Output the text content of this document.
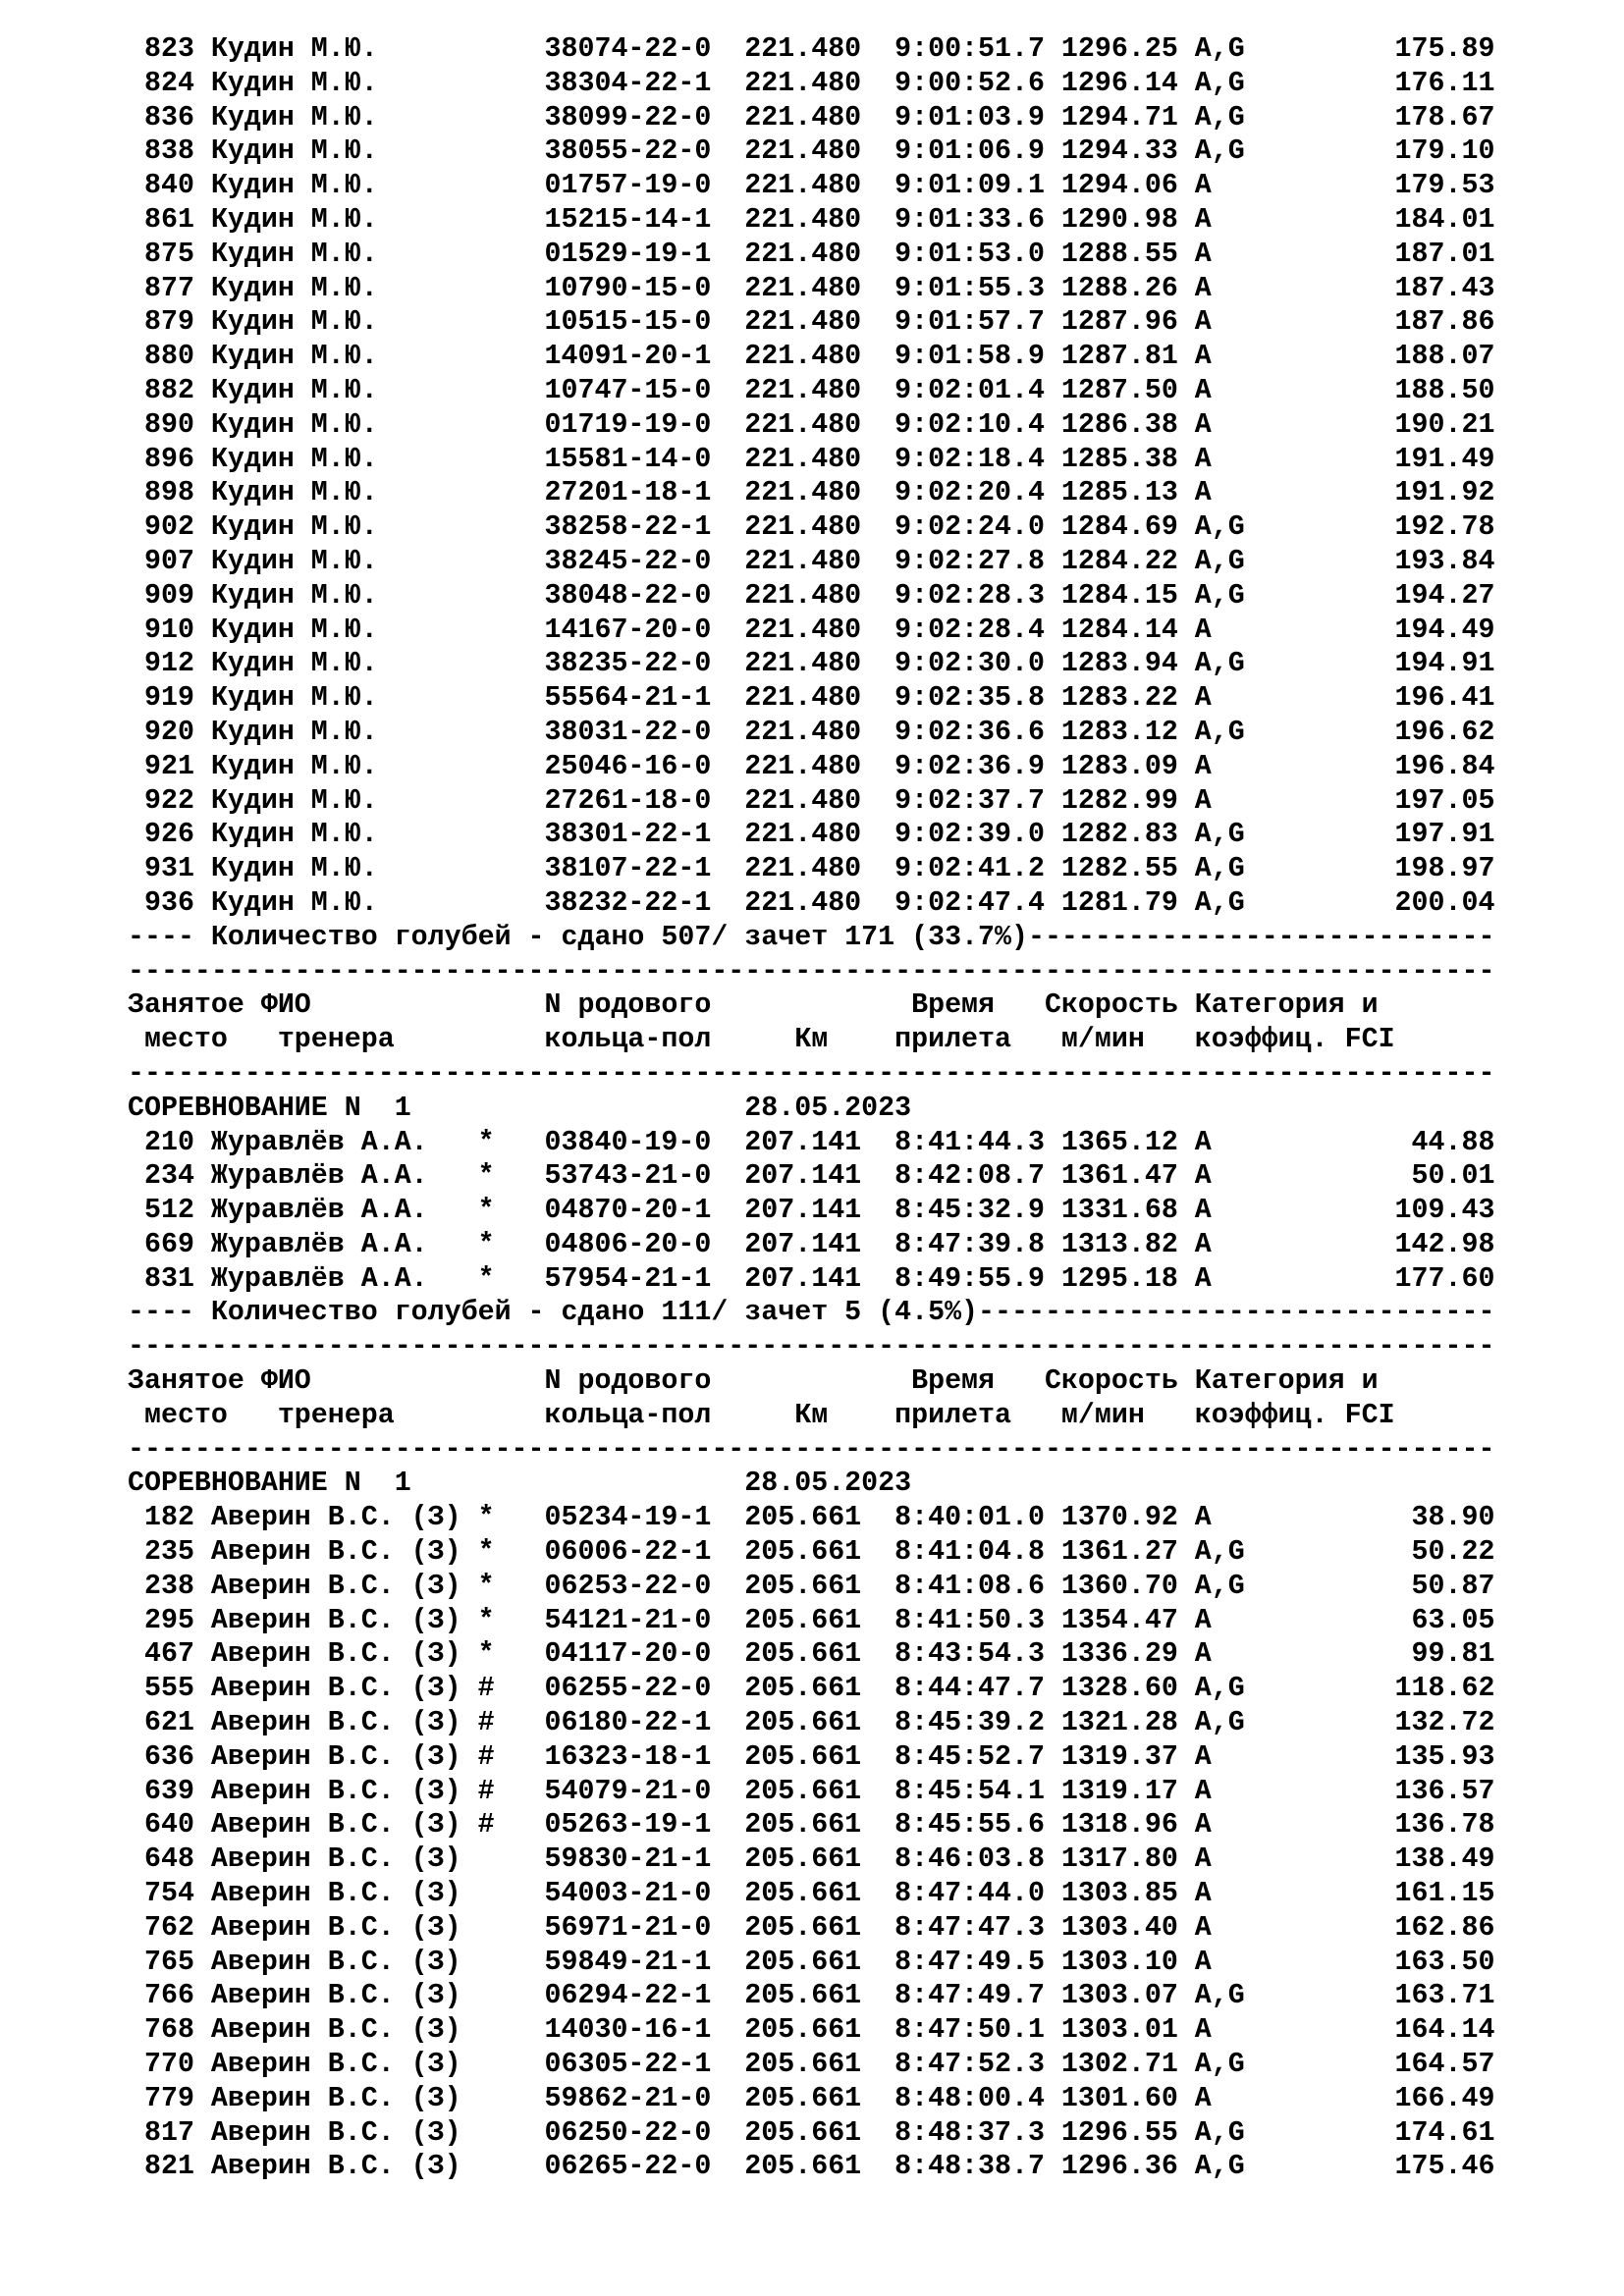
823 Кудин М.Ю.          38074-22-0  221.480  9:00:51.7 1296.25 A,G         175.89
824 Кудин М.Ю.          38304-22-1  221.480  9:00:52.6 1296.14 A,G         176.11
836 Кудин М.Ю.          38099-22-0  221.480  9:01:03.9 1294.71 A,G         178.67
838 Кудин М.Ю.          38055-22-0  221.480  9:01:06.9 1294.33 A,G         179.10
840 Кудин М.Ю.          01757-19-0  221.480  9:01:09.1 1294.06 A           179.53
861 Кудин М.Ю.          15215-14-1  221.480  9:01:33.6 1290.98 A           184.01
875 Кудин М.Ю.          01529-19-1  221.480  9:01:53.0 1288.55 A           187.01
877 Кудин М.Ю.          10790-15-0  221.480  9:01:55.3 1288.26 A           187.43
879 Кудин М.Ю.          10515-15-0  221.480  9:01:57.7 1287.96 A           187.86
880 Кудин М.Ю.          14091-20-1  221.480  9:01:58.9 1287.81 A           188.07
882 Кудин М.Ю.          10747-15-0  221.480  9:02:01.4 1287.50 A           188.50
890 Кудин М.Ю.          01719-19-0  221.480  9:02:10.4 1286.38 A           190.21
896 Кудин М.Ю.          15581-14-0  221.480  9:02:18.4 1285.38 A           191.49
898 Кудин М.Ю.          27201-18-1  221.480  9:02:20.4 1285.13 A           191.92
902 Кудин М.Ю.          38258-22-1  221.480  9:02:24.0 1284.69 A,G         192.78
907 Кудин М.Ю.          38245-22-0  221.480  9:02:27.8 1284.22 A,G         193.84
909 Кудин М.Ю.          38048-22-0  221.480  9:02:28.3 1284.15 A,G         194.27
910 Кудин М.Ю.          14167-20-0  221.480  9:02:28.4 1284.14 A           194.49
912 Кудин М.Ю.          38235-22-0  221.480  9:02:30.0 1283.94 A,G         194.91
919 Кудин М.Ю.          55564-21-1  221.480  9:02:35.8 1283.22 A           196.41
920 Кудин М.Ю.          38031-22-0  221.480  9:02:36.6 1283.12 A,G         196.62
921 Кудин М.Ю.          25046-16-0  221.480  9:02:36.9 1283.09 A           196.84
922 Кудин М.Ю.          27261-18-0  221.480  9:02:37.7 1282.99 A           197.05
926 Кудин М.Ю.          38301-22-1  221.480  9:02:39.0 1282.83 A,G         197.91
931 Кудин М.Ю.          38107-22-1  221.480  9:02:41.2 1282.55 A,G         198.97
936 Кудин М.Ю.          38232-22-1  221.480  9:02:47.4 1281.79 A,G         200.04
---- Количество голубей - сдано 507/ зачет 171 (33.7%)----------------------------
----------------------------------------------------------------------------------
Занятое ФИО              N родового            Время   Скорость Категория и
место   тренера         кольца-пол     Км    прилета   м/мин   коэффиц. FCI
----------------------------------------------------------------------------------
СОРЕВНОВАНИЕ N  1                    28.05.2023
210 Журавлёв А.А.   *   03840-19-0  207.141  8:41:44.3 1365.12 A            44.88
234 Журавлёв А.А.   *   53743-21-0  207.141  8:42:08.7 1361.47 A            50.01
512 Журавлёв А.А.   *   04870-20-1  207.141  8:45:32.9 1331.68 A           109.43
669 Журавлёв А.А.   *   04806-20-0  207.141  8:47:39.8 1313.82 A           142.98
831 Журавлёв А.А.   *   57954-21-1  207.141  8:49:55.9 1295.18 A           177.60
---- Количество голубей - сдано 111/ зачет 5 (4.5%)-------------------------------
----------------------------------------------------------------------------------
Занятое ФИО              N родового            Время   Скорость Категория и
место   тренера         кольца-пол     Км    прилета   м/мин   коэффиц. FCI
----------------------------------------------------------------------------------
СОРЕВНОВАНИЕ N  1                    28.05.2023
182 Аверин В.С. (З) *   05234-19-1  205.661  8:40:01.0 1370.92 A            38.90
235 Аверин В.С. (З) *   06006-22-1  205.661  8:41:04.8 1361.27 A,G          50.22
238 Аверин В.С. (З) *   06253-22-0  205.661  8:41:08.6 1360.70 A,G          50.87
295 Аверин В.С. (З) *   54121-21-0  205.661  8:41:50.3 1354.47 A            63.05
467 Аверин В.С. (З) *   04117-20-0  205.661  8:43:54.3 1336.29 A            99.81
555 Аверин В.С. (З) #   06255-22-0  205.661  8:44:47.7 1328.60 A,G         118.62
621 Аверин В.С. (З) #   06180-22-1  205.661  8:45:39.2 1321.28 A,G         132.72
636 Аверин В.С. (З) #   16323-18-1  205.661  8:45:52.7 1319.37 A           135.93
639 Аверин В.С. (З) #   54079-21-0  205.661  8:45:54.1 1319.17 A           136.57
640 Аверин В.С. (З) #   05263-19-1  205.661  8:45:55.6 1318.96 A           136.78
648 Аверин В.С. (З)     59830-21-1  205.661  8:46:03.8 1317.80 A           138.49
754 Аверин В.С. (З)     54003-21-0  205.661  8:47:44.0 1303.85 A           161.15
762 Аверин В.С. (З)     56971-21-0  205.661  8:47:47.3 1303.40 A           162.86
765 Аверин В.С. (З)     59849-21-1  205.661  8:47:49.5 1303.10 A           163.50
766 Аверин В.С. (З)     06294-22-1  205.661  8:47:49.7 1303.07 A,G         163.71
768 Аверин В.С. (З)     14030-16-1  205.661  8:47:50.1 1303.01 A           164.14
770 Аверин В.С. (З)     06305-22-1  205.661  8:47:52.3 1302.71 A,G         164.57
779 Аверин В.С. (З)     59862-21-0  205.661  8:48:00.4 1301.60 A           166.49
817 Аверин В.С. (З)     06250-22-0  205.661  8:48:37.3 1296.55 A,G         174.61
821 Аверин В.С. (З)     06265-22-0  205.661  8:48:38.7 1296.36 A,G         175.46
